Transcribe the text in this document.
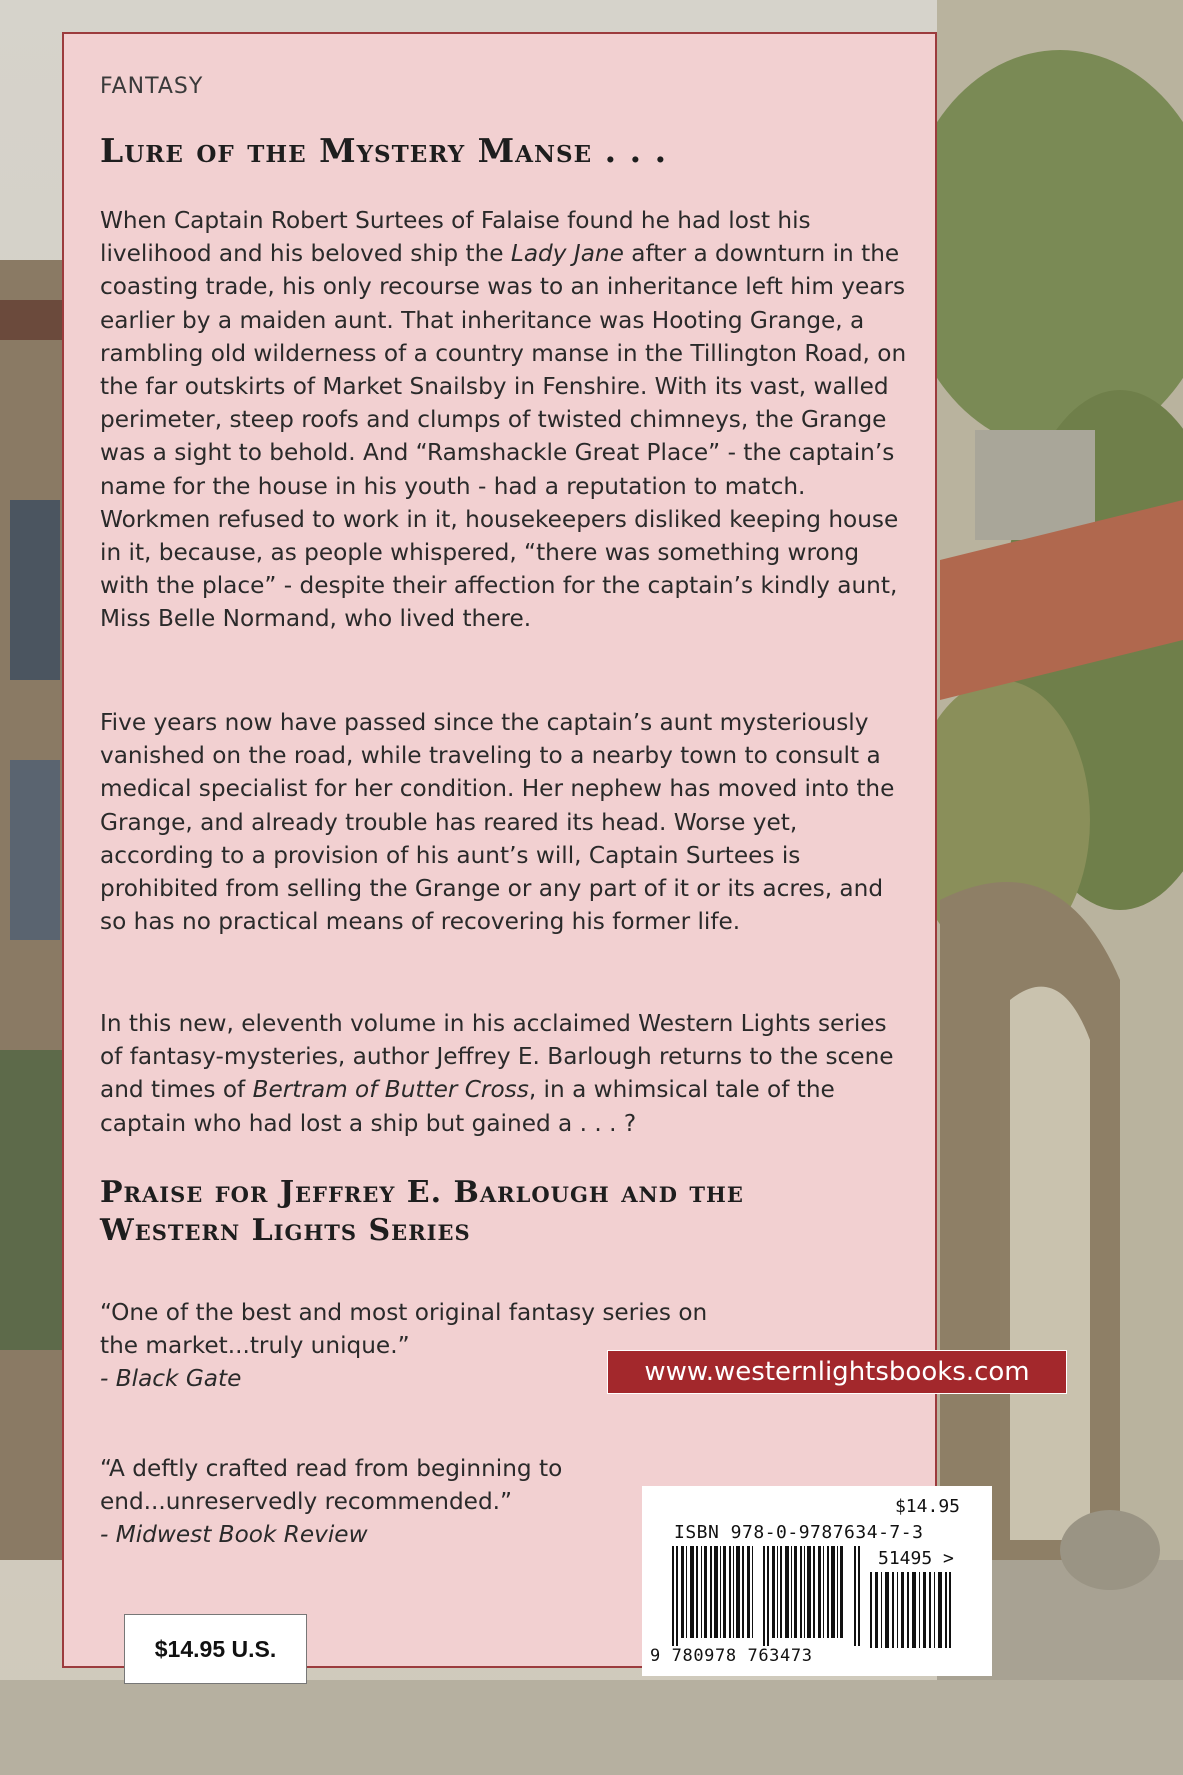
FANTASY
Lure of the Mystery Manse . . .

When Captain Robert Surtees of Falaise found he had lost his livelihood and his beloved ship the Lady Jane after a downturn in the coasting trade, his only recourse was to an inheritance left him years earlier by a maiden aunt. That inheritance was Hooting Grange, a rambling old wilderness of a country manse in the Tillington Road, on the far outskirts of Market Snailsby in Fenshire. With its vast, walled perimeter, steep roofs and clumps of twisted chimneys, the Grange was a sight to behold. And “Ramshackle Great Place” - the captain’s name for the house in his youth - had a reputation to match. Workmen refused to work in it, housekeepers disliked keeping house in it, because, as people whispered, “there was something wrong with the place” - despite their affection for the captain’s kindly aunt, Miss Belle Normand, who lived there.

Five years now have passed since the captain’s aunt mysteriously vanished on the road, while traveling to a nearby town to consult a medical specialist for her condition. Her nephew has moved into the Grange, and already trouble has reared its head. Worse yet, according to a provision of his aunt’s will, Captain Surtees is prohibited from selling the Grange or any part of it or its acres, and so has no practical means of recovering his former life.

In this new, eleventh volume in his acclaimed Western Lights series of fantasy-mysteries, author Jeffrey E. Barlough returns to the scene and times of Bertram of Butter Cross, in a whimsical tale of the captain who had lost a ship but gained a . . . ?

Praise for Jeffrey E. Barlough and the Western Lights Series

“One of the best and most original fantasy series on the market...truly unique.”

- Black Gate

“A deftly crafted read from beginning to end...unreservedly recommended.”

- Midwest Book Review

$14.95 U.S.
www.westernlightsbooks.com
$14.95
ISBN 978-0-9787634-7-3
51495 >
9 780978 763473
